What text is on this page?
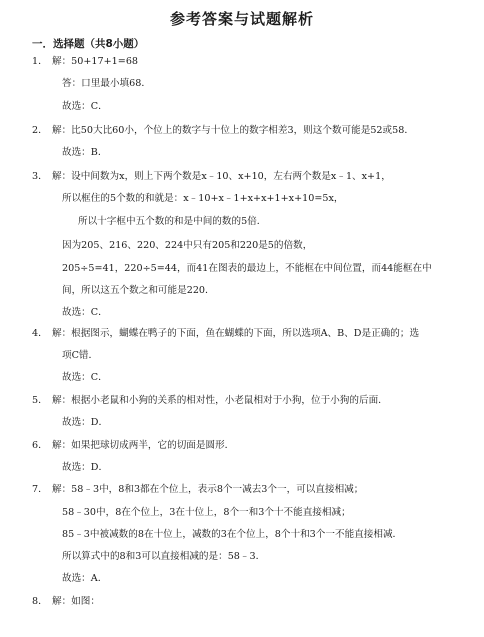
参考答案与试题解析
一．选择题（共8小题）
1． 解：50+17+1=68
答：口里最小填68．
故选：C．
2． 解：比50大比60小，个位上的数字与十位上的数字相差3，则这个数可能是52或58．
故选：B．
3． 解：设中间数为x，则上下两个数是x﹣10、x+10，左右两个数是x﹣1、x+1，
所以框住的5个数的和就是：x﹣10+x﹣1+x+x+1+x+10=5x，
所以十字框中五个数的和是中间的数的5倍．
因为205、216、220、224中只有205和220是5的倍数，
205÷5=41，220÷5=44，而41在图表的最边上，不能框在中间位置，而44能框在中
间，所以这五个数之和可能是220．
故选：C．
4． 解：根据图示，蝴蝶在鸭子的下面，鱼在蝴蝶的下面，所以选项A、B、D是正确的；选
项C错．
故选：C．
5． 解：根据小老鼠和小狗的关系的相对性，小老鼠相对于小狗，位于小狗的后面．
故选：D．
6． 解：如果把球切成两半，它的切面是圆形．
故选：D．
7． 解：58﹣3中，8和3都在个位上，表示8个一减去3个一，可以直接相减；
58﹣30中，8在个位上，3在十位上，8个一和3个十不能直接相减；
85﹣3中被减数的8在十位上，减数的3在个位上，8个十和3个一不能直接相减．
所以算式中的8和3可以直接相减的是：58﹣3．
故选：A．
8． 解：如图：
